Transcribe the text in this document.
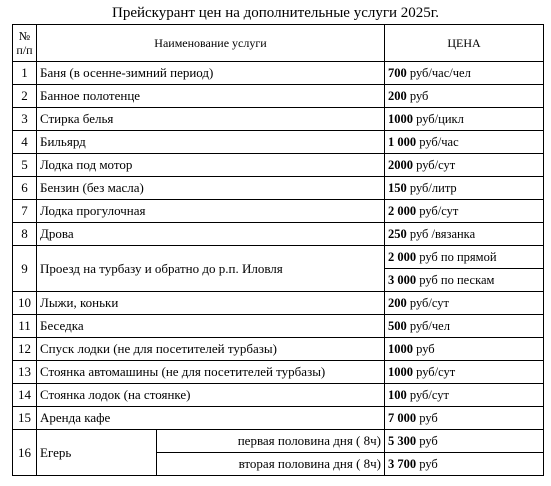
Прейскурант цен на дополнительные услуги 2025г.
№
п/п	Наименование услуги		ЦЕНА
1	Баня (в осенне-зимний период)		700 руб/час/чел
2	Банное полотенце		200 руб
3	Стирка белья		1000 руб/цикл
4	Бильярд		1 000 руб/час
5	Лодка под мотор		2000 руб/сут
6	Бензин (без масла)		150 руб/литр
7	Лодка прогулочная		2 000 руб/сут
8	Дрова		250 руб /вязанка
9	Проезд на турбазу и обратно до р.п. Иловля		2 000 руб по прямой
			3 000 руб по пескам
10	Лыжи, коньки		200 руб/сут
11	Беседка		500 руб/чел
12	Спуск лодки (не для посетителей турбазы)		1000 руб
13	Стоянка автомашины (не для посетителей турбазы)		1000 руб/сут
14	Стоянка лодок (на стоянке)		100 руб/сут
15	Аренда кафе		7 000 руб
16	Егерь	первая половина дня ( 8ч)	5 300 руб
		вторая половина дня ( 8ч)	3 700 руб
